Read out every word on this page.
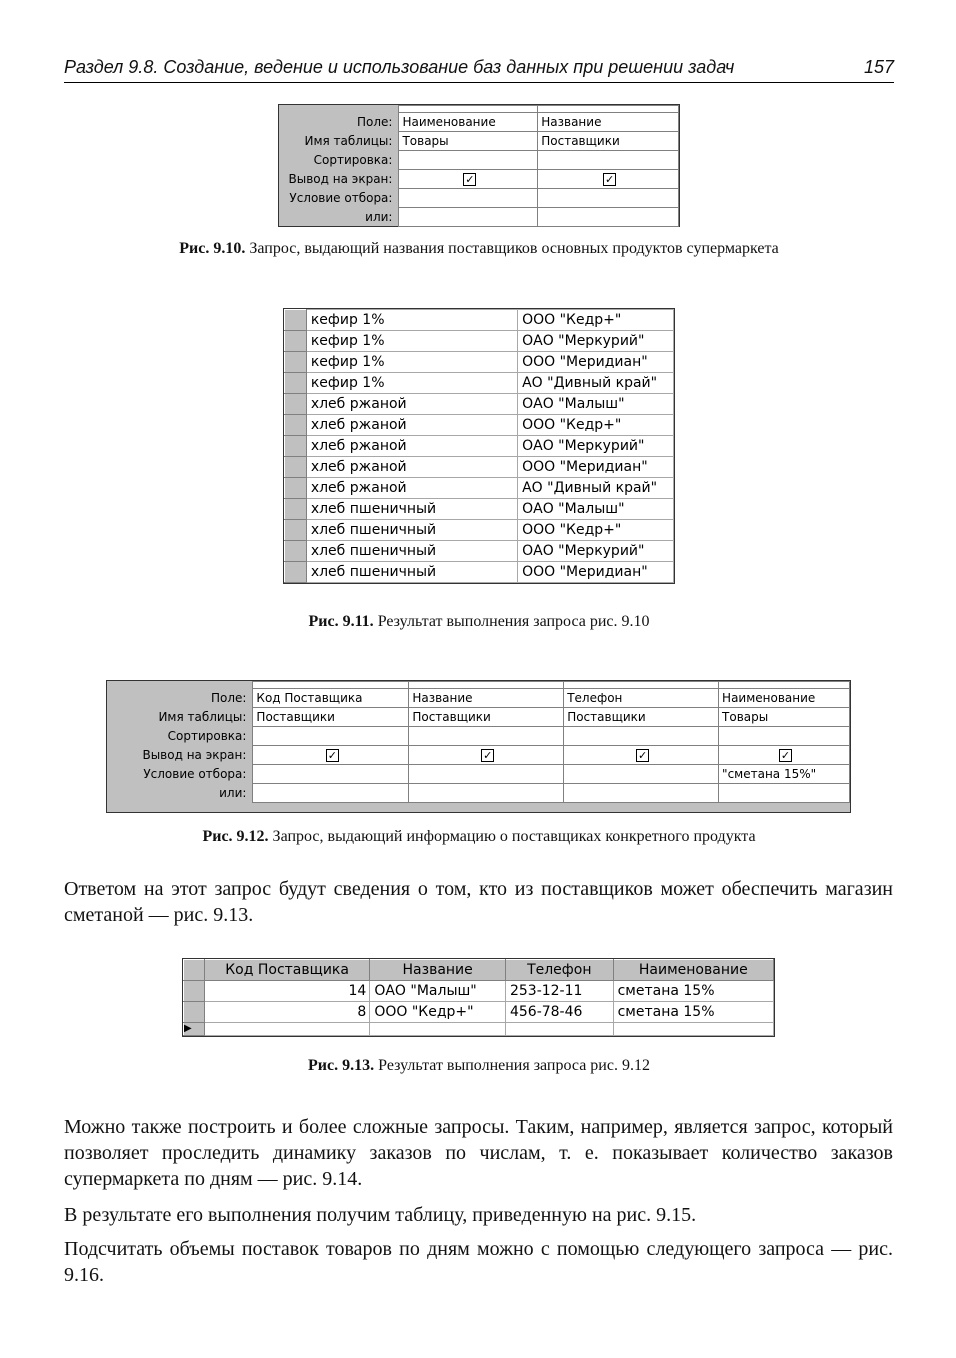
Раздел 9.8. Создание, ведение и использование баз данных при решении задач	157

Поле:	Наименование	Название
Имя таблицы:	Товары	Поставщики
Сортировка:		
Вывод на экран:	✓	✓
Условие отбора:		
или:		
Рис. 9.10. Запрос, выдающий названия поставщиков основных продуктов супермаркета
	кефир 1%	ООО "Кедр+"
	кефир 1%	ОАО "Меркурий"
	кефир 1%	ООО "Меридиан"
	кефир 1%	АО "Дивный край"
	хлеб ржаной	ОАО "Малыш"
	хлеб ржаной	ООО "Кедр+"
	хлеб ржаной	ОАО "Меркурий"
	хлеб ржаной	ООО "Меридиан"
	хлеб ржаной	АО "Дивный край"
	хлеб пшеничный	ОАО "Малыш"
	хлеб пшеничный	ООО "Кедр+"
	хлеб пшеничный	ОАО "Меркурий"
	хлеб пшеничный	ООО "Меридиан"
Рис. 9.11. Результат выполнения запроса рис. 9.10

Поле:	Код Поставщика	Название	Телефон	Наименование
Имя таблицы:	Поставщики	Поставщики	Поставщики	Товары
Сортировка:				
Вывод на экран:	✓	✓	✓	✓
Условие отбора:				"сметана 15%"
или:				
Рис. 9.12. Запрос, выдающий информацию о поставщиках конкретного продукта
Ответом на этот запрос будут сведения о том, кто из поставщиков может обеспечить магазин сметаной — рис. 9.13.
	Код Поставщика	Название	Телефон	Наименование
	14	ОАО "Малыш"	253-12-11	сметана 15%
	8	ООО "Кедр+"	456-78-46	сметана 15%
▶				
Рис. 9.13. Результат выполнения запроса рис. 9.12
Можно также построить и более сложные запросы. Таким, например, является запрос, который позволяет проследить динамику заказов по числам, т. е. показывает количество заказов супермаркета по дням — рис. 9.14.
В результате его выполнения получим таблицу, приведенную на рис. 9.15.
Подсчитать объемы поставок товаров по дням можно с помощью следующего запроса — рис. 9.16.
